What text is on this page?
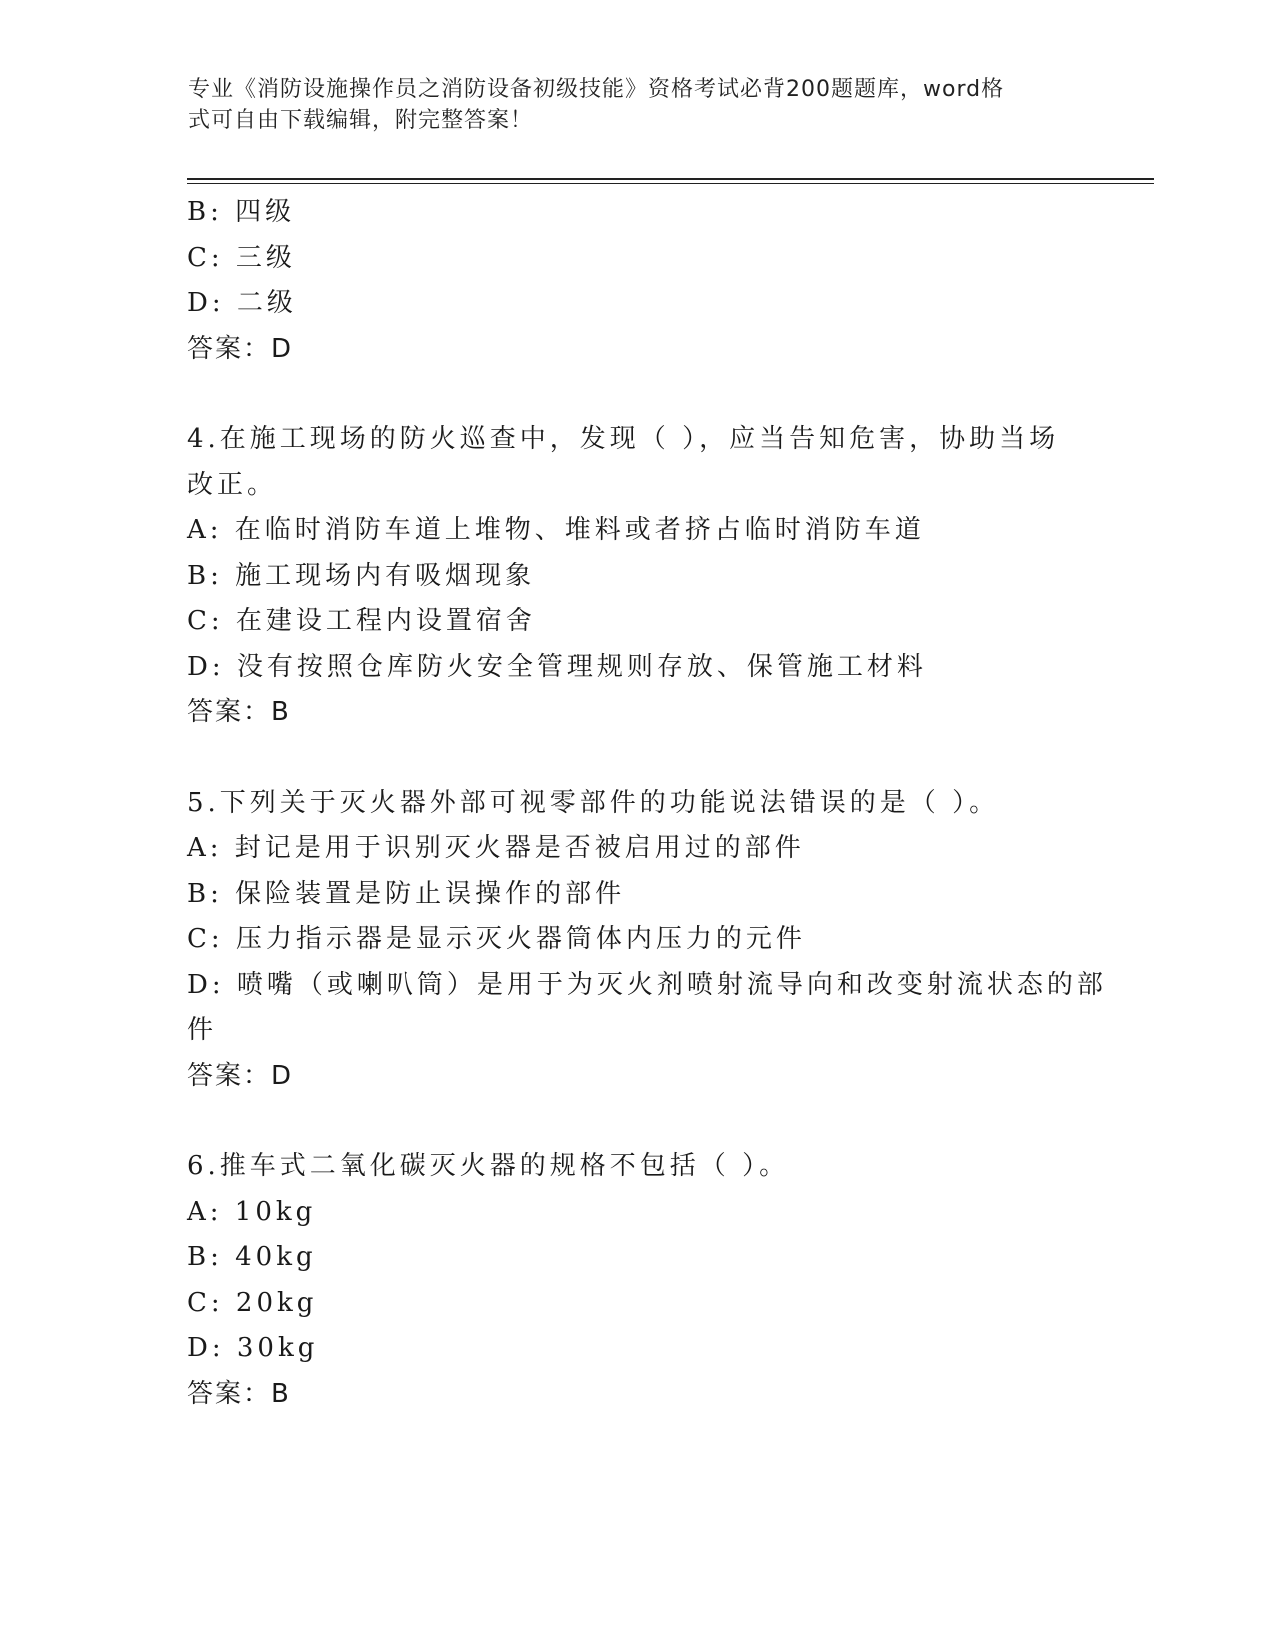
专业《消防设施操作员之消防设备初级技能》资格考试必背200题题库，word格
式可自由下载编辑，附完整答案！
B: 四级
C: 三级
D: 二级
答案：D
4.在施工现场的防火巡查中，发现（ ），应当告知危害，协助当场
改正。
A: 在临时消防车道上堆物、堆料或者挤占临时消防车道
B: 施工现场内有吸烟现象
C: 在建设工程内设置宿舍
D: 没有按照仓库防火安全管理规则存放、保管施工材料
答案：B
5.下列关于灭火器外部可视零部件的功能说法错误的是（ ）。
A: 封记是用于识别灭火器是否被启用过的部件
B: 保险装置是防止误操作的部件
C: 压力指示器是显示灭火器筒体内压力的元件
D: 喷嘴（或喇叭筒）是用于为灭火剂喷射流导向和改变射流状态的部
件
答案：D
6.推车式二氧化碳灭火器的规格不包括（ ）。
A: 10kg
B: 40kg
C: 20kg
D: 30kg
答案：B
